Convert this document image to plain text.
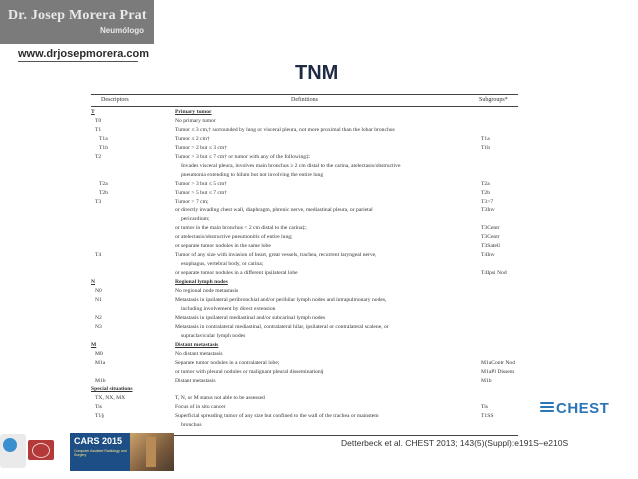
Dr. Josep Morera Prat
Neumólogo
www.drjosepmorera.com
TNM
Descriptors	Definitions	Subgroups*
T	Primary tumor
T0	No primary tumor
T1	Tumor ≤ 3 cm,† surrounded by lung or visceral pleura, not more proximal than the lobar bronchus
T1a	Tumor ≤ 2 cm†	T1a
T1b	Tumor > 2 but ≤ 3 cm†	T1b
T2	Tumor > 3 but ≤ 7 cm† or tumor with any of the following‡:
Invades visceral pleura, involves main bronchus ≥ 2 cm distal to the carina, atelectasis/obstructive
pneumonia extending to hilum but not involving the entire lung
T2a	Tumor > 3 but ≤ 5 cm†	T2a
T2b	Tumor > 5 but ≤ 7 cm†	T2b
T3	Tumor > 7 cm;	T3>7
or directly invading chest wall, diaphragm, phrenic nerve, mediastinal pleura, or parietal	T3Inv
pericardium;
or tumor in the main bronchus < 2 cm distal to the carina‡;	T3Centr
or atelectasis/obstructive pneumonitis of entire lung;	T3Centr
or separate tumor nodules in the same lobe	T3Satell
T4	Tumor of any size with invasion of heart, great vessels, trachea, recurrent laryngeal nerve,	T4Inv
esophagus, vertebral body, or carina;
or separate tumor nodules in a different ipsilateral lobe	T4Ipsi Nod
N	Regional lymph nodes
N0	No regional node metastasis
N1	Metastasis in ipsilateral peribronchial and/or perihilar lymph nodes and intrapulmonary nodes,
including involvement by direct extension
N2	Metastasis in ipsilateral mediastinal and/or subcarinal lymph nodes
N3	Metastasis in contralateral mediastinal, contralateral hilar, ipsilateral or contralateral scalene, or
supraclavicular lymph nodes
M	Distant metastasis
M0	No distant metastasis
M1a	Separate tumor nodules in a contralateral lobe;	M1aContr Nod
or tumor with pleural nodules or malignant pleural dissemination§	M1aPl Dissem
M1b	Distant metastasis	M1b
Special situations
TX, NX, MX	T, N, or M status not able to be assessed
Tis	Focus of in situ cancer	Tis
T1§	Superficial spreading tumor of any size but confined to the wall of the trachea or mainstem	T1SS
bronchus
CHEST
Detterbeck et al. CHEST 2013; 143(5)(Suppl):e191S–e210S
CARS 2015
Computer Assisted Radiology and Surgery
